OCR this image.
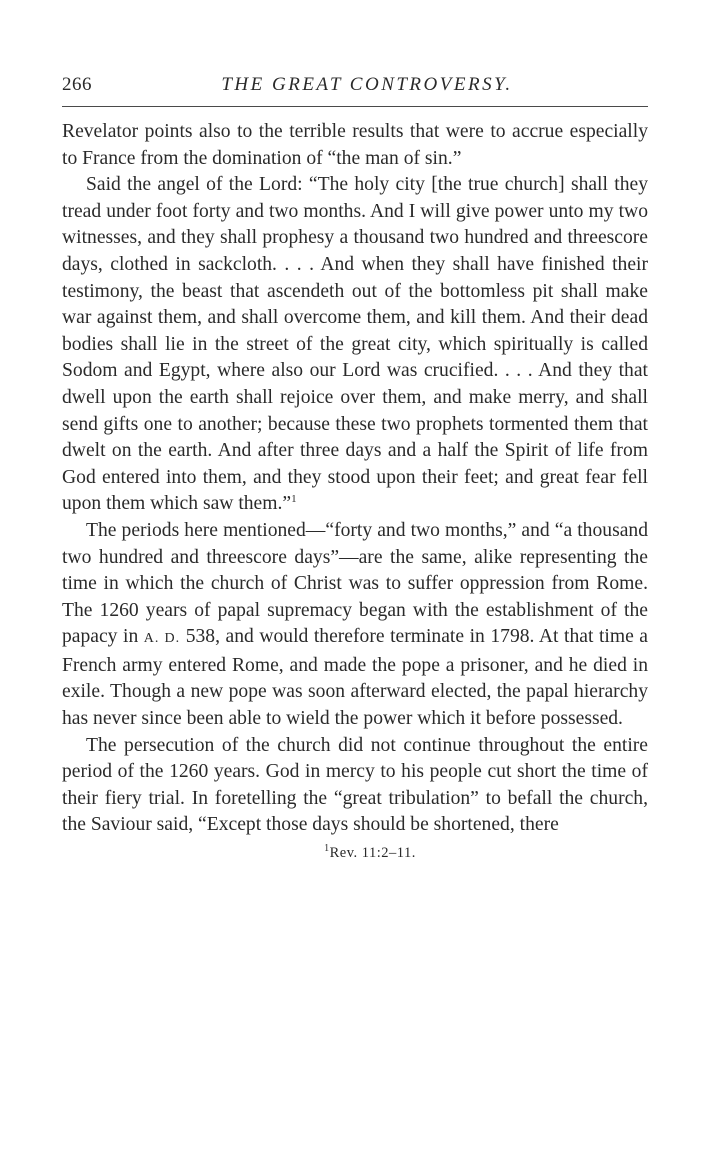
266	THE GREAT CONTROVERSY.

Revelator points also to the terrible results that were to accrue especially to France from the domination of “the man of sin.”

Said the angel of the Lord: “The holy city [the true church] shall they tread under foot forty and two months. And I will give power unto my two witnesses, and they shall prophesy a thousand two hundred and threescore days, clothed in sackcloth. . . . And when they shall have finished their testimony, the beast that ascendeth out of the bottomless pit shall make war against them, and shall overcome them, and kill them. And their dead bodies shall lie in the street of the great city, which spiritually is called Sodom and Egypt, where also our Lord was crucified. . . . And they that dwell upon the earth shall rejoice over them, and make merry, and shall send gifts one to another; because these two prophets tormented them that dwelt on the earth. And after three days and a half the Spirit of life from God entered into them, and they stood upon their feet; and great fear fell upon them which saw them.”$^1$

The periods here mentioned—“forty and two months,” and “a thousand two hundred and threescore days”—are the same, alike representing the time in which the church of Christ was to suffer oppression from Rome. The 1260 years of papal supremacy began with the establishment of the papacy in A. D. 538, and would therefore terminate in 1798. At that time a French army entered Rome, and made the pope a prisoner, and he died in exile. Though a new pope was soon afterward elected, the papal hierarchy has never since been able to wield the power which it before possessed.

The persecution of the church did not continue throughout the entire period of the 1260 years. God in mercy to his people cut short the time of their fiery trial. In foretelling the “great tribulation” to befall the church, the Saviour said, “Except those days should be shortened, there

$^1$Rev. 11:2–11.
